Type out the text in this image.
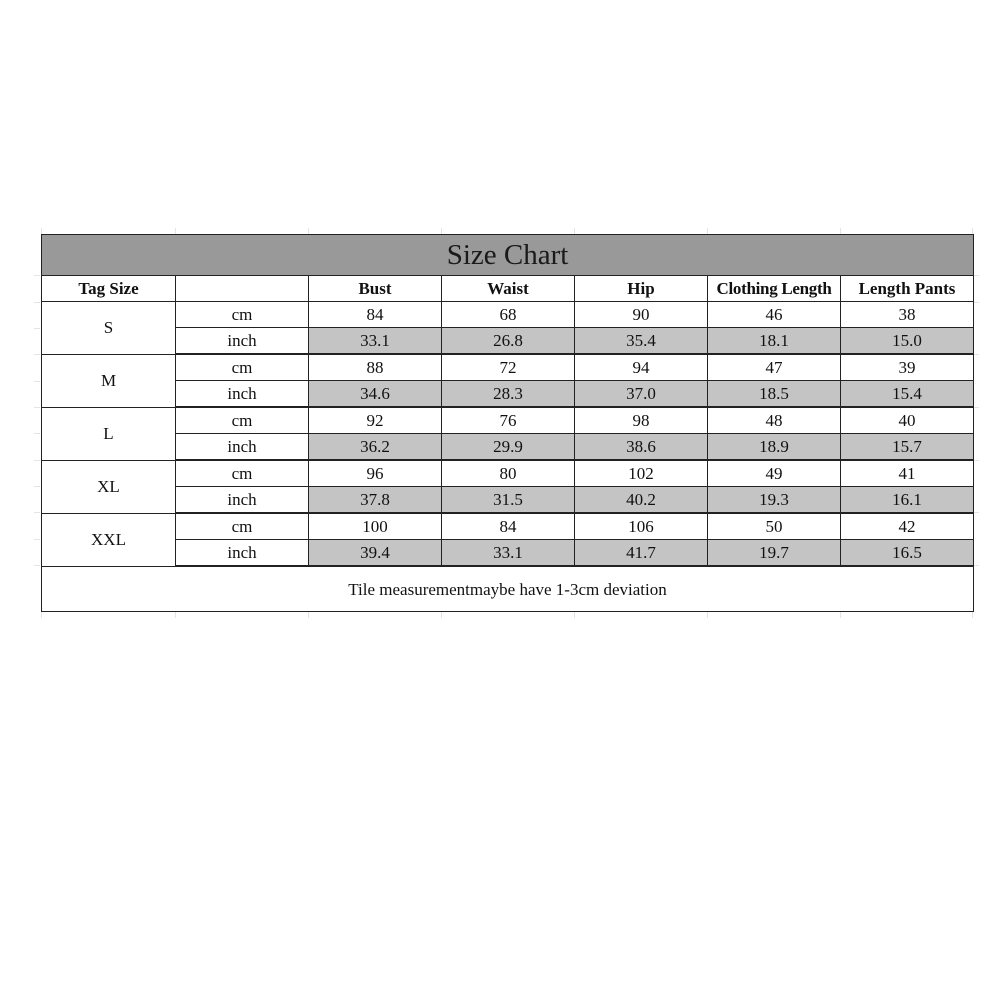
Size Chart						
Tag Size		Bust	Waist	Hip	Clothing Length	Length Pants
S	cm	84	68	90	46	38
	inch	33.1	26.8	35.4	18.1	15.0
M	cm	88	72	94	47	39
	inch	34.6	28.3	37.0	18.5	15.4
L	cm	92	76	98	48	40
	inch	36.2	29.9	38.6	18.9	15.7
XL	cm	96	80	102	49	41
	inch	37.8	31.5	40.2	19.3	16.1
XXL	cm	100	84	106	50	42
	inch	39.4	33.1	41.7	19.7	16.5
Tile measurementmaybe have 1-3cm deviation						
